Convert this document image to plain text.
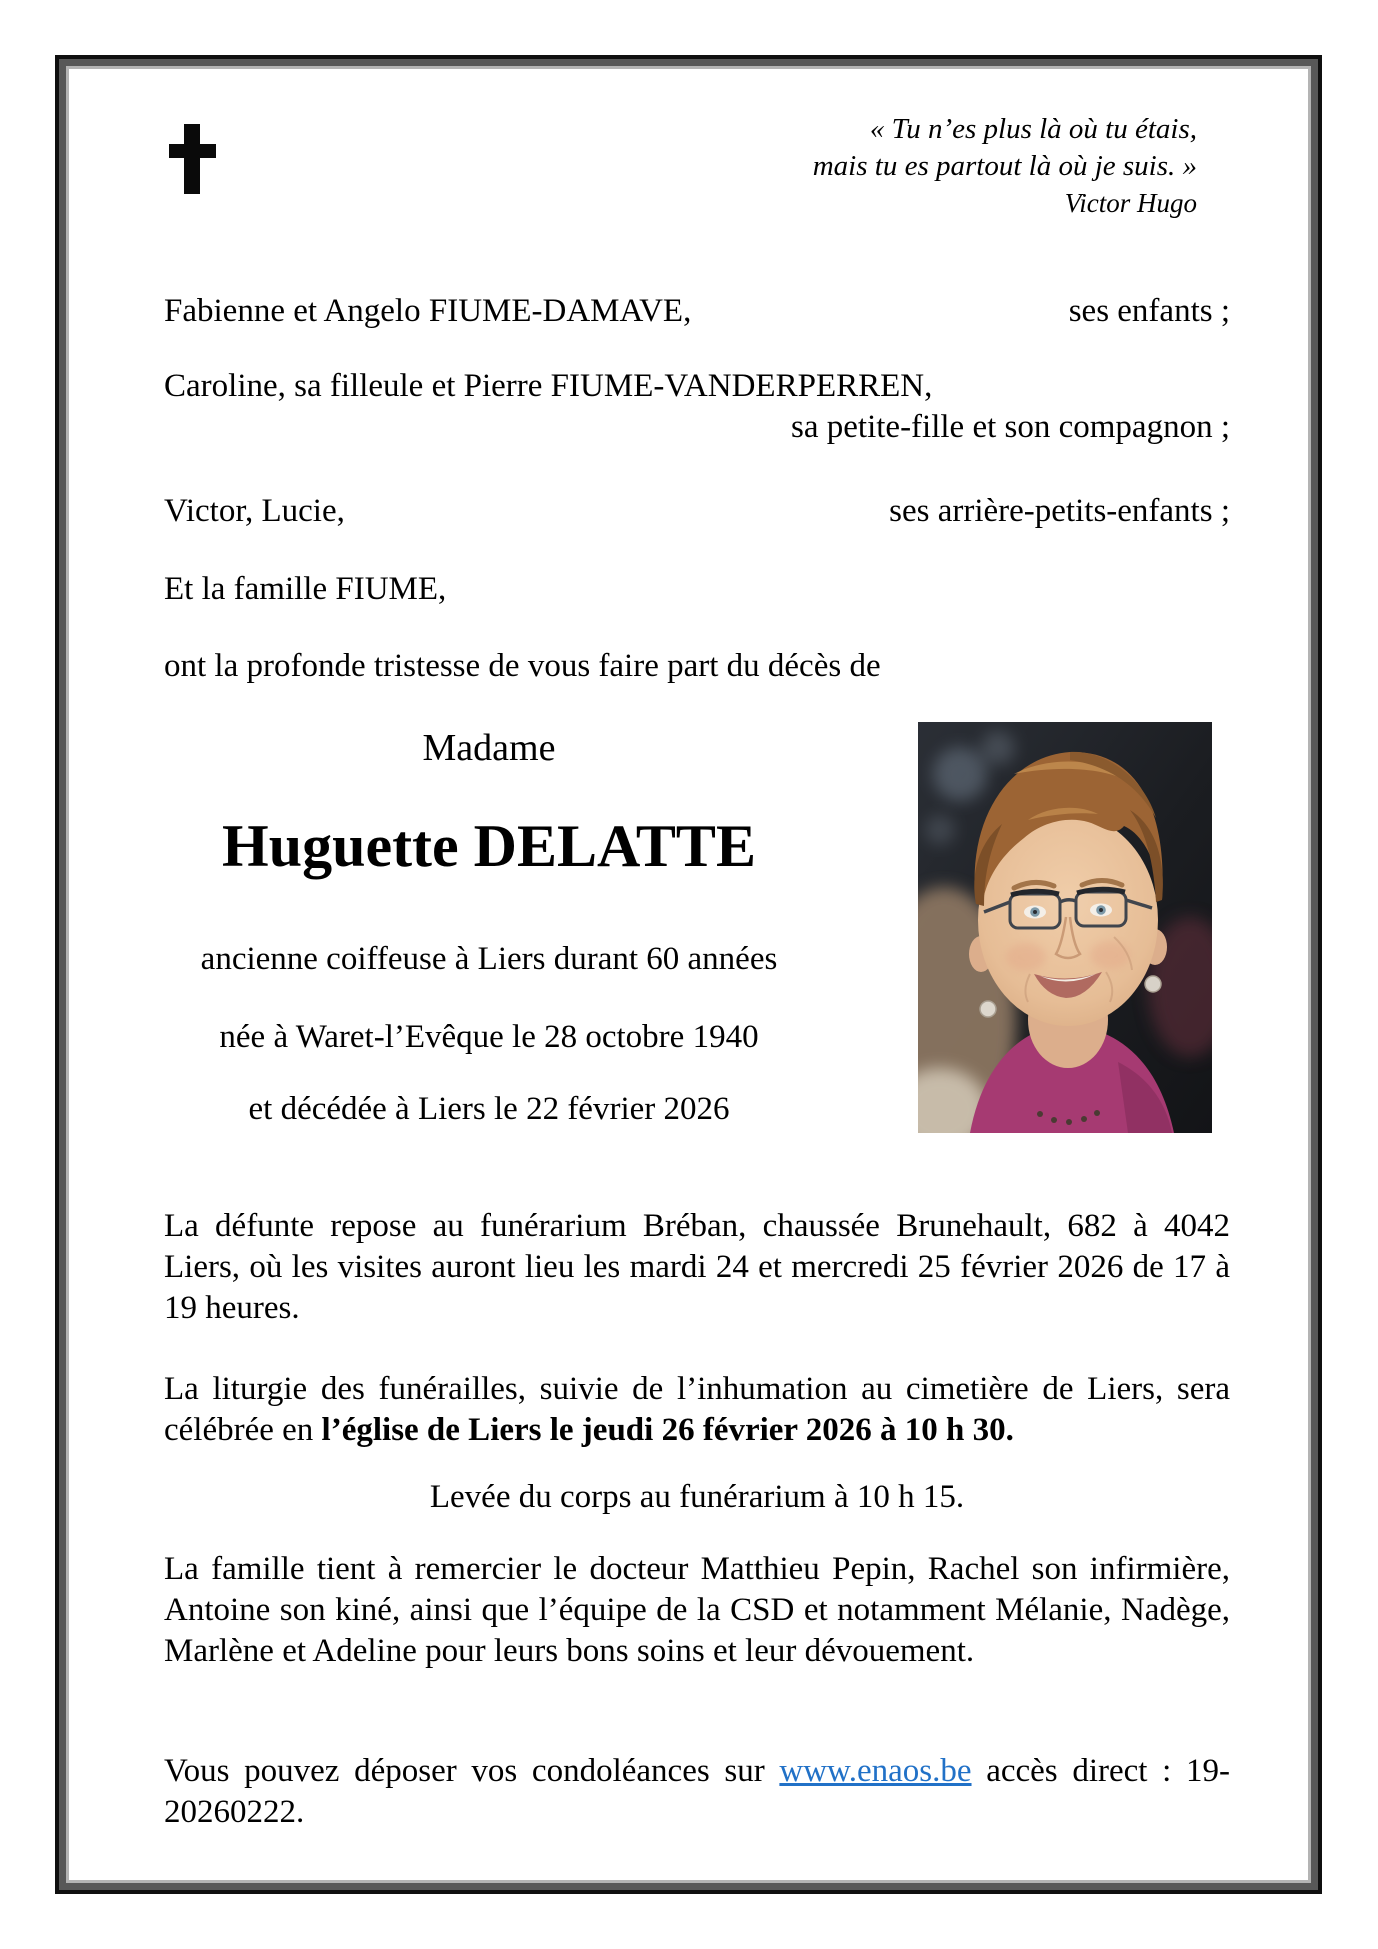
« Tu n’es plus là où tu étais,
mais tu es partout là où je suis. »
Victor Hugo
Fabienne et Angelo FIUME-DAMAVE,	ses enfants ;
Caroline, sa filleule et Pierre FIUME-VANDERPERREN,
sa petite-fille et son compagnon ;
Victor, Lucie,	ses arrière-petits-enfants ;
Et la famille FIUME,
ont la profonde tristesse de vous faire part du décès de
Madame
Huguette DELATTE
ancienne coiffeuse à Liers durant 60 années
née à Waret-l’Evêque le 28 octobre 1940
et décédée à Liers le 22 février 2026
La défunte repose au funérarium Bréban, chaussée Brunehault, 682 à 4042 Liers, où les visites auront lieu les mardi 24 et mercredi 25 février 2026 de 17 à 19 heures.
La liturgie des funérailles, suivie de l’inhumation au cimetière de Liers, sera célébrée en l’église de Liers le jeudi 26 février 2026 à 10 h 30.
Levée du corps au funérarium à 10 h 15.
La famille tient à remercier le docteur Matthieu Pepin, Rachel son infirmière, Antoine son kiné, ainsi que l’équipe de la CSD et notamment Mélanie, Nadège, Marlène et Adeline pour leurs bons soins et leur dévouement.
Vous pouvez déposer vos condoléances sur www.enaos.be accès direct : 19-20260222.
